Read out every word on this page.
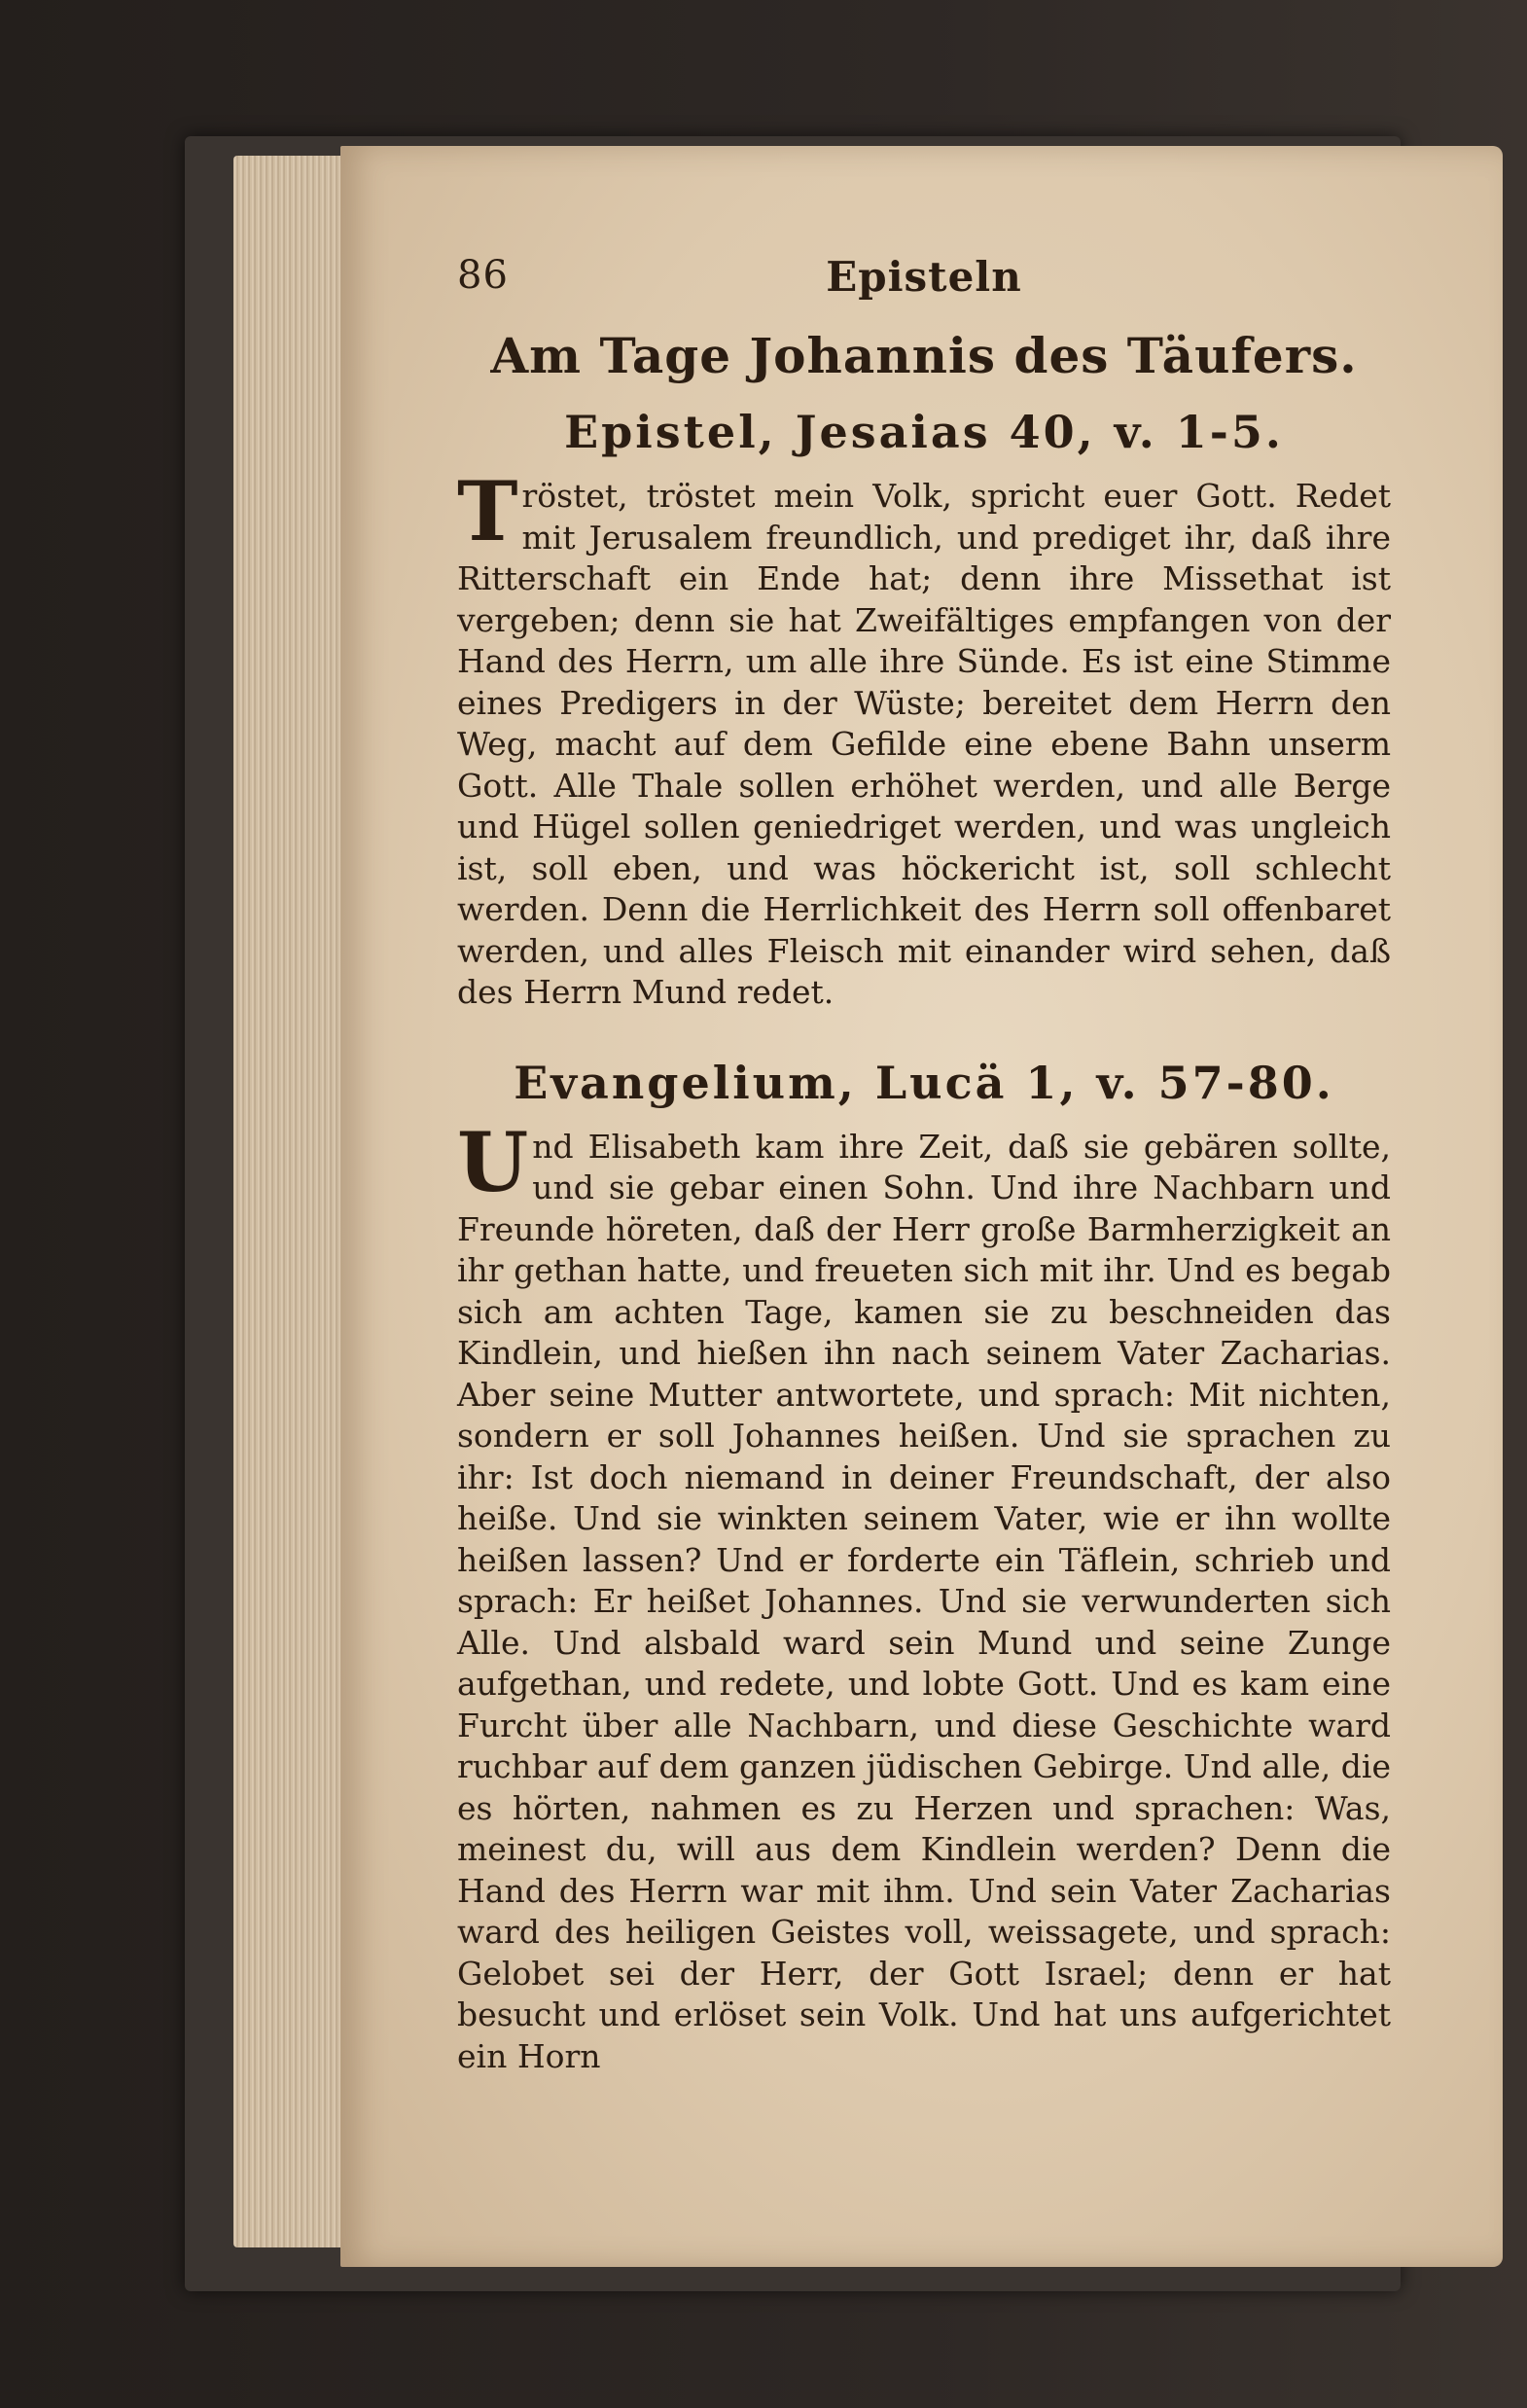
86	Episteln
Am Tage Johannis des Täufers.
Epistel, Jesaias 40, v. 1-5.
Tröstet, tröstet mein Volk, spricht euer Gott. Redet mit Jerusalem freundlich, und prediget ihr, daß ihre Ritterschaft ein Ende hat; denn ihre Missethat ist vergeben; denn sie hat Zweifältiges empfangen von der Hand des Herrn, um alle ihre Sünde. Es ist eine Stimme eines Predigers in der Wüste; bereitet dem Herrn den Weg, macht auf dem Gefilde eine ebene Bahn unserm Gott. Alle Thale sollen erhöhet werden, und alle Berge und Hügel sollen geniedriget werden, und was ungleich ist, soll eben, und was höckericht ist, soll schlecht werden. Denn die Herrlichkeit des Herrn soll offenbaret werden, und alles Fleisch mit einander wird sehen, daß des Herrn Mund redet.
Evangelium, Lucä 1, v. 57-80.
Und Elisabeth kam ihre Zeit, daß sie gebären sollte, und sie gebar einen Sohn. Und ihre Nachbarn und Freunde höreten, daß der Herr große Barmherzigkeit an ihr gethan hatte, und freueten sich mit ihr. Und es begab sich am achten Tage, kamen sie zu beschneiden das Kindlein, und hießen ihn nach seinem Vater Zacharias. Aber seine Mutter antwortete, und sprach: Mit nichten, sondern er soll Johannes heißen. Und sie sprachen zu ihr: Ist doch niemand in deiner Freundschaft, der also heiße. Und sie winkten seinem Vater, wie er ihn wollte heißen lassen? Und er forderte ein Täflein, schrieb und sprach: Er heißet Johannes. Und sie verwunderten sich Alle. Und alsbald ward sein Mund und seine Zunge aufgethan, und redete, und lobte Gott. Und es kam eine Furcht über alle Nachbarn, und diese Geschichte ward ruchbar auf dem ganzen jüdischen Gebirge. Und alle, die es hörten, nahmen es zu Herzen und sprachen: Was, meinest du, will aus dem Kindlein werden? Denn die Hand des Herrn war mit ihm. Und sein Vater Zacharias ward des heiligen Geistes voll, weissagete, und sprach: Gelobet sei der Herr, der Gott Israel; denn er hat besucht und erlöset sein Volk. Und hat uns aufgerichtet ein Horn
